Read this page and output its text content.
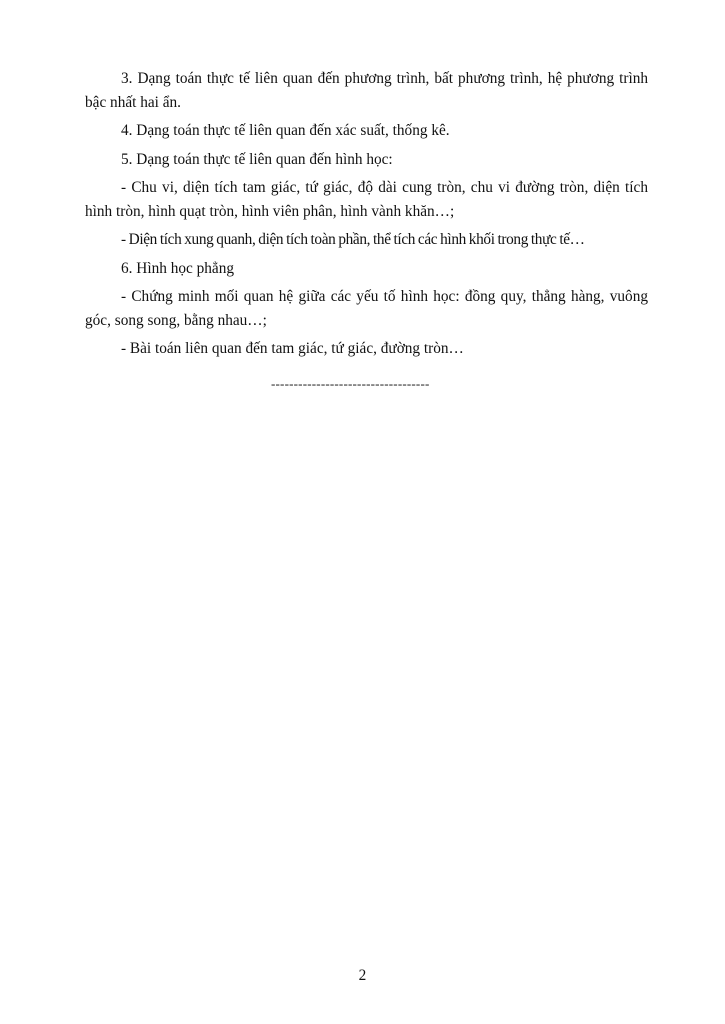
3. Dạng toán thực tế liên quan đến phương trình, bất phương trình, hệ phương trình bậc nhất hai ẩn.

4. Dạng toán thực tế liên quan đến xác suất, thống kê.

5. Dạng toán thực tế liên quan đến hình học:

- Chu vi, diện tích tam giác, tứ giác, độ dài cung tròn, chu vi đường tròn, diện tích hình tròn, hình quạt tròn, hình viên phân, hình vành khăn…;

- Diện tích xung quanh, diện tích toàn phần, thể tích các hình khối trong thực tế…

6. Hình học phẳng

- Chứng minh mối quan hệ giữa các yếu tố hình học: đồng quy, thẳng hàng, vuông góc, song song, bằng nhau…;

- Bài toán liên quan đến tam giác, tứ giác, đường tròn…

-----------------------------------
2
